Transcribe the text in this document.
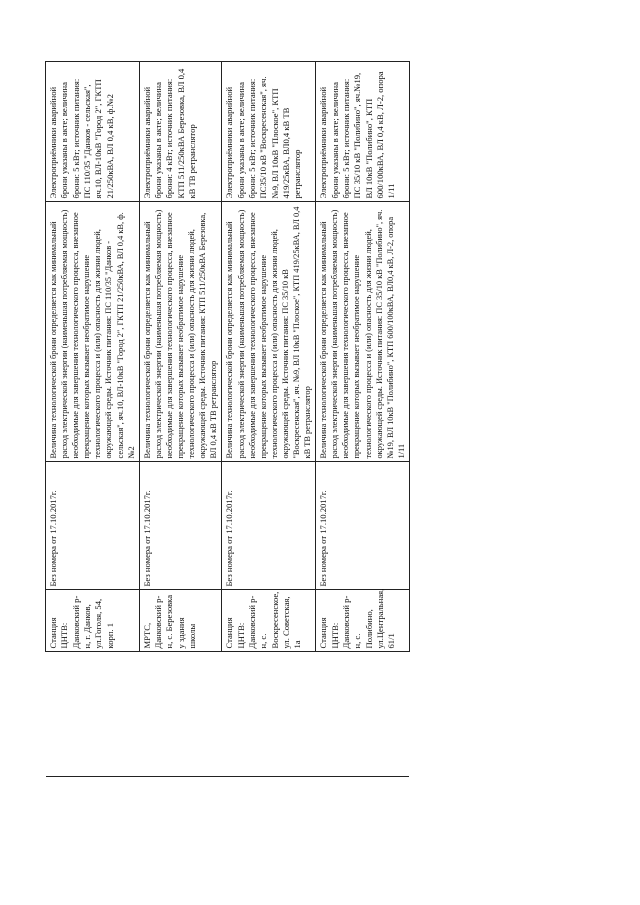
		Станция ЦНТВ: Данковский р-н, г. Данков, ул.Гоголя, 54, корп. 1	Без номера от 17.10.2017г.	Величина технологической брони определяется как минимальный расход электрической энергии (наименьшая потребляемая мощность) необходимые для завершения технологического процесса, внезапное прекращение которых вызывает необратимое нарушение технологического процесса и (или) опасность для жизни людей, окружающей среды. Источник питания: ПС 110/35 "Данков - сельская", яч.10, ВЛ-10кВ "Город 2", ГКТП 21/250кВА, ВЛ 0,4 кВ, ф.№2	Электроприёмники аварийной брони указаны в акте; величина брони: 5 кВт; источник питания: ПС 110/35 "Данков - сельская", яч.10, ВЛ-10кВ "Город 2", ГКТП 21/250кВА, ВЛ 0,4 кВ, ф.№2
		МРТС, Данковский р-н, с. Березовка у здания школы	Без номера от 17.10.2017г.	Величина технологической брони определяется как минимальный расход электрической энергии (наименьшая потребляемая мощность) необходимые для завершения технологического процесса, внезапное прекращение которых вызывает необратимое нарушение технологического процесса и (или) опасность для жизни людей, окружающей среды. Источник питания: КТП 511/250кВА Березовка, ВЛ 0,4 кВ ТВ ретранслятор	Электроприёмники аварийной брони указаны в акте; величина брони: 4 кВт; источник питания: КТП 511/250кВА Березовка, ВЛ 0,4 кВ ТВ ретранслятор
		Станция ЦНТВ: Данковский р-н, с. Воскресенское, ул. Советская, 1а	Без номера от 17.10.2017г.	Величина технологической брони определяется как минимальный расход электрической энергии (наименьшая потребляемая мощность) необходимые для завершения технологического процесса, внезапное прекращение которых вызывает необратимое нарушение технологического процесса и (или) опасность для жизни людей, окружающей среды. Источник питания: ПС 35/10 кВ "Воскресенская", яч. №9, ВЛ 10кВ "Плоское", КТП 419/25кВА, ВЛ 0,4 кВ ТВ ретранслятор	Электроприёмники аварийной брони указаны в акте; величина брони: 5 кВт; источник питания: ПС35/10 кВ "Воскресенская", яч. №9, ВЛ 10кВ "Плоское", КТП 419/25кВА, ВЛ0,4 кВ ТВ ретранслятор
		Станция ЦНТВ: Данковский р-н, с. Полибино, ул.Центральная, 61/1	Без номера от 17.10.2017г.	Величина технологической брони определяется как минимальный расход электрической энергии (наименьшая потребляемая мощность) необходимые для завершения технологического процесса, внезапное прекращение которых вызывает необратимое нарушение технологического процесса и (или) опасность для жизни людей, окружающей среды. Источник питания: ПС 35/10 кВ "Полибино", яч.№19, ВЛ 10кВ "Полибино", КТП 600/100кВА, ВЛ0,4 кВ, Л-2, опора 1/11	Электроприёмники аварийной брони указаны в акте; величина брони: 5 кВт; источник питания: ПС 35/10 кВ "Полибино", яч.№19, ВЛ 10кВ "Полибино", КТП 600/100кВА, ВЛ 0,4 кВ, Л-2, опора 1/11
